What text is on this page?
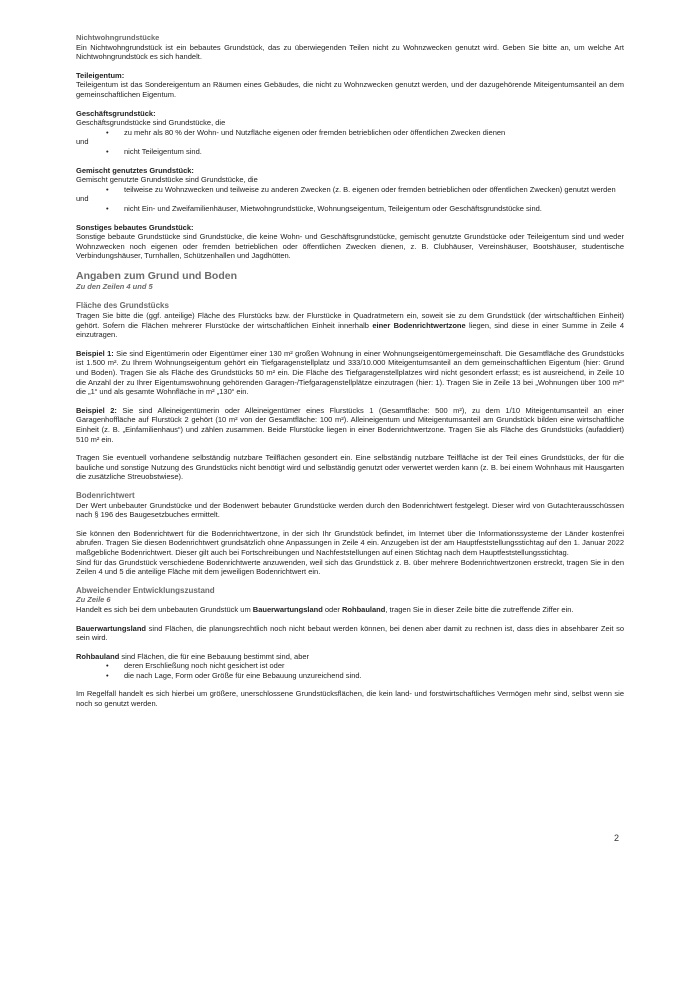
Nichtwohngrundstücke

Ein Nichtwohngrundstück ist ein bebautes Grundstück, das zu überwiegenden Teilen nicht zu Wohnzwecken genutzt wird. Geben Sie bitte an, um welche Art Nichtwohngrundstück es sich handelt.

Teileigentum:

Teileigentum ist das Sondereigentum an Räumen eines Gebäudes, die nicht zu Wohnzwecken genutzt werden, und der dazugehörende Miteigentumsanteil an dem gemeinschaftlichen Eigentum.

Geschäftsgrundstück:

Geschäftsgrundstücke sind Grundstücke, die

• zu mehr als 80 % der Wohn- und Nutzfläche eigenen oder fremden betrieblichen oder öffentlichen Zwecken dienen
und
• nicht Teileigentum sind.
Gemischt genutztes Grundstück:

Gemischt genutzte Grundstücke sind Grundstücke, die

• teilweise zu Wohnzwecken und teilweise zu anderen Zwecken (z. B. eigenen oder fremden betrieblichen oder öffentlichen Zwecken) genutzt werden
und
• nicht Ein- und Zweifamilienhäuser, Mietwohngrundstücke, Wohnungseigentum, Teileigentum oder Geschäftsgrundstücke sind.
Sonstiges bebautes Grundstück:

Sonstige bebaute Grundstücke sind Grundstücke, die keine Wohn- und Geschäftsgrundstücke, gemischt genutzte Grundstücke oder Teileigentum sind und weder Wohnzwecken noch eigenen oder fremden betrieblichen oder öffentlichen Zwecken dienen, z. B. Clubhäuser, Vereinshäuser, Bootshäuser, studentische Verbindungshäuser, Turnhallen, Schützenhallen und Jagdhütten.

Angaben zum Grund und Boden
Zu den Zeilen 4 und 5
Fläche des Grundstücks

Tragen Sie bitte die (ggf. anteilige) Fläche des Flurstücks bzw. der Flurstücke in Quadratmetern ein, soweit sie zu dem Grundstück (der wirtschaftlichen Einheit) gehört. Sofern die Flächen mehrerer Flurstücke der wirtschaftlichen Einheit innerhalb einer Bodenrichtwertzone liegen, sind diese in einer Summe in Zeile 4 einzutragen.

Beispiel 1: Sie sind Eigentümerin oder Eigentümer einer 130 m² großen Wohnung in einer Wohnungseigentümergemeinschaft. Die Gesamtfläche des Grundstücks ist 1.500 m². Zu Ihrem Wohnungseigentum gehört ein Tiefgaragenstellplatz und 333/10.000 Miteigentumsanteil an dem gemeinschaftlichen Eigentum (hier: Grund und Boden). Tragen Sie als Fläche des Grundstücks 50 m² ein. Die Fläche des Tiefgaragenstellplatzes wird nicht gesondert erfasst; es ist ausreichend, in Zeile 10 die Anzahl der zu Ihrer Eigentumswohnung gehörenden Garagen-/Tiefgaragenstellplätze einzutragen (hier: 1). Tragen Sie in Zeile 13 bei „Wohnungen über 100 m²“ die „1“ und als gesamte Wohnfläche in m² „130“ ein.

Beispiel 2: Sie sind Alleineigentümerin oder Alleineigentümer eines Flurstücks 1 (Gesamtfläche: 500 m²), zu dem 1/10 Miteigentumsanteil an einer Garagenhoffläche auf Flurstück 2 gehört (10 m² von der Gesamtfläche: 100 m²). Alleineigentum und Miteigentumsanteil am Grundstück bilden eine wirtschaftliche Einheit (z. B. „Einfamilienhaus“) und zählen zusammen. Beide Flurstücke liegen in einer Bodenrichtwertzone. Tragen Sie als Fläche des Grundstücks (aufaddiert) 510 m² ein.

Tragen Sie eventuell vorhandene selbständig nutzbare Teilflächen gesondert ein. Eine selbständig nutzbare Teilfläche ist der Teil eines Grundstücks, der für die bauliche und sonstige Nutzung des Grundstücks nicht benötigt wird und selbständig genutzt oder verwertet werden kann (z. B. bei einem Wohnhaus mit Hausgarten die zusätzliche Streuobstwiese).

Bodenrichtwert

Der Wert unbebauter Grundstücke und der Bodenwert bebauter Grundstücke werden durch den Bodenrichtwert festgelegt. Dieser wird von Gutachterausschüssen nach § 196 des Baugesetzbuches ermittelt.

Sie können den Bodenrichtwert für die Bodenrichtwertzone, in der sich Ihr Grundstück befindet, im Internet über die Informationssysteme der Länder kostenfrei abrufen. Tragen Sie diesen Bodenrichtwert grundsätzlich ohne Anpassungen in Zeile 4 ein. Anzugeben ist der am Hauptfeststellungsstichtag auf den 1. Januar 2022 maßgebliche Bodenrichtwert. Dieser gilt auch bei Fortschreibungen und Nachfeststellungen auf einen Stichtag nach dem Hauptfeststellungsstichtag.

Sind für das Grundstück verschiedene Bodenrichtwerte anzuwenden, weil sich das Grundstück z. B. über mehrere Bodenrichtwertzonen erstreckt, tragen Sie in den Zeilen 4 und 5 die anteilige Fläche mit dem jeweiligen Bodenrichtwert ein.

Abweichender Entwicklungszustand
Zu Zeile 6

Handelt es sich bei dem unbebauten Grundstück um Bauerwartungsland oder Rohbauland, tragen Sie in dieser Zeile bitte die zutreffende Ziffer ein.

Bauerwartungsland sind Flächen, die planungsrechtlich noch nicht bebaut werden können, bei denen aber damit zu rechnen ist, dass dies in absehbarer Zeit so sein wird.

Rohbauland sind Flächen, die für eine Bebauung bestimmt sind, aber

• deren Erschließung noch nicht gesichert ist oder
• die nach Lage, Form oder Größe für eine Bebauung unzureichend sind.

Im Regelfall handelt es sich hierbei um größere, unerschlossene Grundstücksflächen, die kein land- und forstwirtschaftliches Vermögen mehr sind, selbst wenn sie noch so genutzt werden.

2
